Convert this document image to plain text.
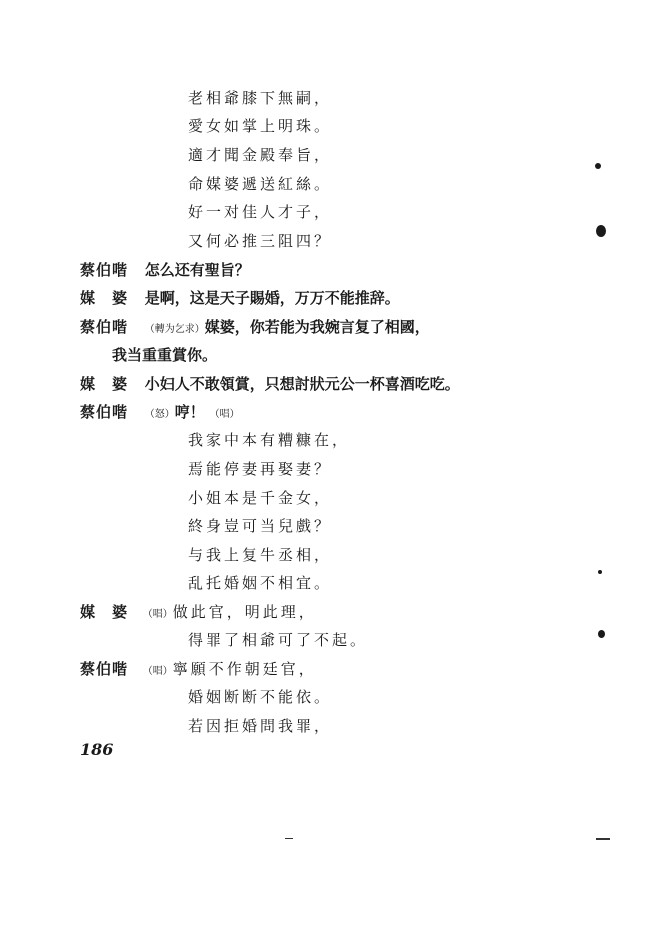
老相爺膝下無嗣，
愛女如掌上明珠。
適才聞金殿奉旨，
命媒婆遞送紅絲。
好一对佳人才子，
又何必推三阻四？
蔡伯喈 怎么还有聖旨？
媒　婆 是啊，这是天子賜婚，万万不能推辞。
蔡伯喈 （轉为乞求）媒婆，你若能为我婉言复了相國，
我当重重賞你。
媒　婆 小妇人不敢領賞，只想討狀元公一杯喜酒吃吃。
蔡伯喈 （怒）哼！ （唱）
我家中本有糟糠在，
焉能停妻再娶妻？
小姐本是千金女，
終身豈可当兒戲？
与我上复牛丞相，
乱托婚姻不相宜。
媒　婆 （唱）做此官，明此理，
得罪了相爺可了不起。
蔡伯喈 （唱）寧願不作朝廷官，
婚姻断断不能依。
若因拒婚問我罪，
186
